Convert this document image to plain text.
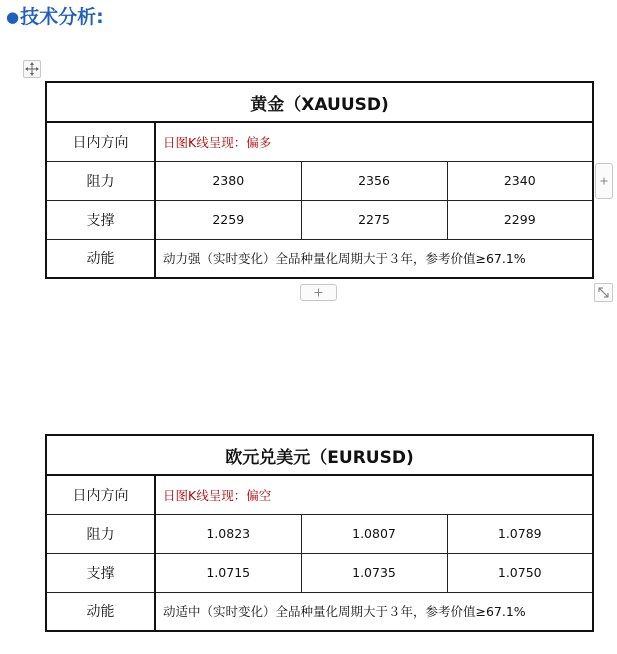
●技术分析:
黄金（XAUUSD)			
日内方向	日图K线呈现：偏多		
阻力	2380	2356	2340
支撑	2259	2275	2299
动能	动力强（实时变化）全品种量化周期大于３年，参考价值≥67.1%		
欧元兑美元（EURUSD)			
日内方向	日图K线呈现：偏空		
阻力	1.0823	1.0807	1.0789
支撑	1.0715	1.0735	1.0750
动能	动适中（实时变化）全品种量化周期大于３年，参考价值≥67.1%		
